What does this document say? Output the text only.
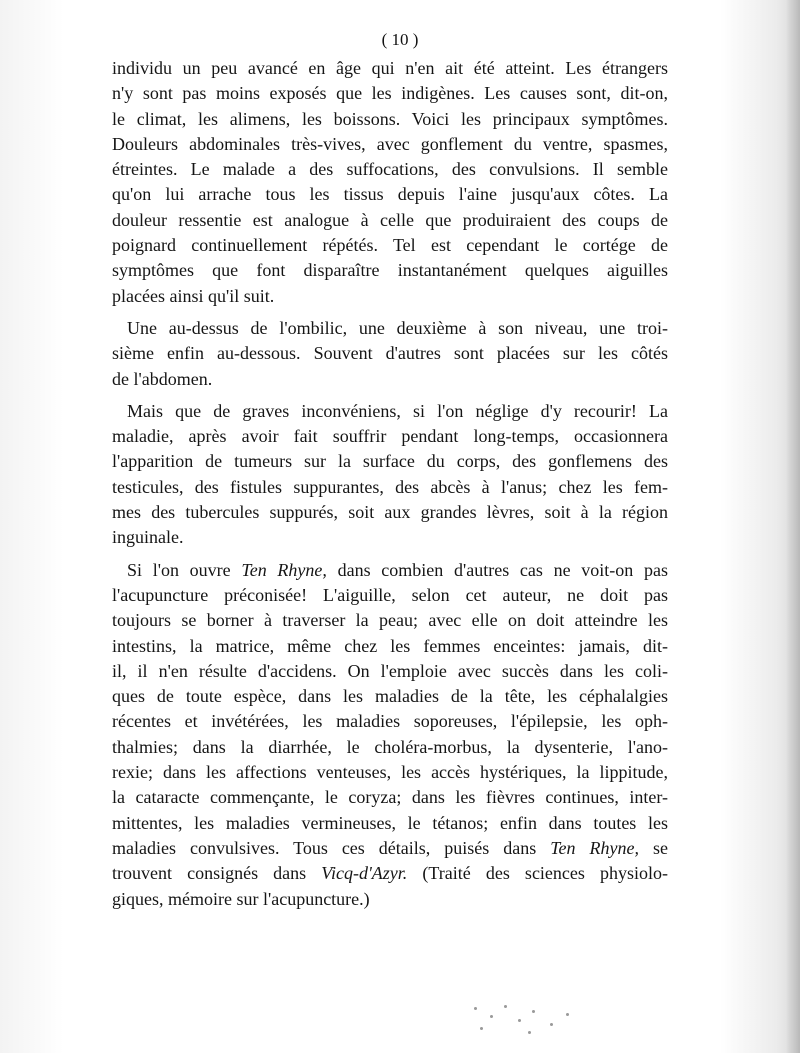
( 10 )
individu un peu avancé en âge qui n'en ait été atteint. Les étrangers
n'y sont pas moins exposés que les indigènes. Les causes sont, dit-on,
le climat, les alimens, les boissons. Voici les principaux symptômes.
Douleurs abdominales très-vives, avec gonflement du ventre, spasmes,
étreintes. Le malade a des suffocations, des convulsions. Il semble
qu'on lui arrache tous les tissus depuis l'aine jusqu'aux côtes. La
douleur ressentie est analogue à celle que produiraient des coups de
poignard continuellement répétés. Tel est cependant le cortége de
symptômes que font disparaître instantanément quelques aiguilles
placées ainsi qu'il suit.
Une au-dessus de l'ombilic, une deuxième à son niveau, une troi-
sième enfin au-dessous. Souvent d'autres sont placées sur les côtés
de l'abdomen.
Mais que de graves inconvéniens, si l'on néglige d'y recourir! La
maladie, après avoir fait souffrir pendant long-temps, occasionnera
l'apparition de tumeurs sur la surface du corps, des gonflemens des
testicules, des fistules suppurantes, des abcès à l'anus; chez les fem-
mes des tubercules suppurés, soit aux grandes lèvres, soit à la région
inguinale.
Si l'on ouvre Ten Rhyne, dans combien d'autres cas ne voit-on pas
l'acupuncture préconisée! L'aiguille, selon cet auteur, ne doit pas
toujours se borner à traverser la peau; avec elle on doit atteindre les
intestins, la matrice, même chez les femmes enceintes: jamais, dit-
il, il n'en résulte d'accidens. On l'emploie avec succès dans les coli-
ques de toute espèce, dans les maladies de la tête, les céphalalgies
récentes et invétérées, les maladies soporeuses, l'épilepsie, les oph-
thalmies; dans la diarrhée, le choléra-morbus, la dysenterie, l'ano-
rexie; dans les affections venteuses, les accès hystériques, la lippitude,
la cataracte commençante, le coryza; dans les fièvres continues, inter-
mittentes, les maladies vermineuses, le tétanos; enfin dans toutes les
maladies convulsives. Tous ces détails, puisés dans Ten Rhyne, se
trouvent consignés dans Vicq-d'Azyr. (Traité des sciences physiolo-
giques, mémoire sur l'acupuncture.)
